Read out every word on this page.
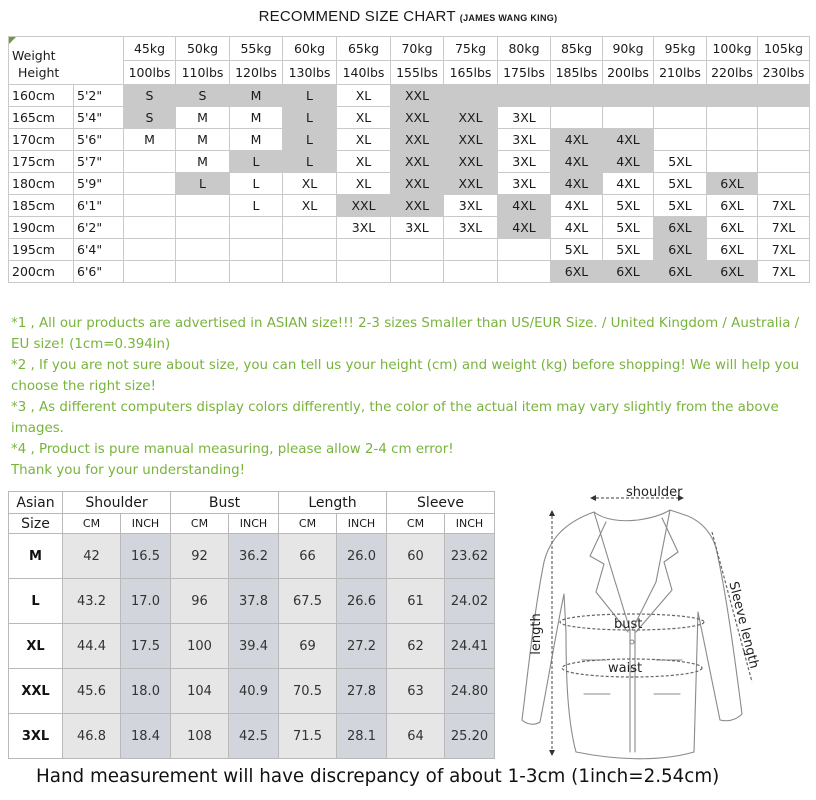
RECOMMEND SIZE CHART (JAMES WANG KING)
Weight
Height		45kg	50kg	55kg	60kg	65kg	70kg	75kg	80kg	85kg	90kg	95kg	100kg	105kg
		100lbs	110lbs	120lbs	130lbs	140lbs	155lbs	165lbs	175lbs	185lbs	200lbs	210lbs	220lbs	230lbs
160cm	5'2"	S	S	M	L	XL	XXL							
165cm	5'4"	S	M	M	L	XL	XXL	XXL	3XL					
170cm	5'6"	M	M	M	L	XL	XXL	XXL	3XL	4XL	4XL			
175cm	5'7"		M	L	L	XL	XXL	XXL	3XL	4XL	4XL	5XL		
180cm	5'9"		L	L	XL	XL	XXL	XXL	3XL	4XL	4XL	5XL	6XL	
185cm	6'1"			L	XL	XXL	XXL	3XL	4XL	4XL	5XL	5XL	6XL	7XL
190cm	6'2"					3XL	3XL	3XL	4XL	4XL	5XL	6XL	6XL	7XL
195cm	6'4"									5XL	5XL	6XL	6XL	7XL
200cm	6'6"									6XL	6XL	6XL	6XL	7XL

*1 , All our products are advertised in ASIAN size!!! 2-3 sizes Smaller than US/EUR Size. / United Kingdom / Australia / EU size! (1cm=0.394in)

*2 , If you are not sure about size, you can tell us your height (cm) and weight (kg) before shopping! We will help you choose the right size!

*3 , As different computers display colors differently, the color of the actual item may vary slightly from the above images.

*4 , Product is pure manual measuring, please allow 2-4 cm error!

Thank you for your understanding!

Asian	Shoulder		Bust		Length		Sleeve	
Size	CM	INCH	CM	INCH	CM	INCH	CM	INCH
M	42	16.5	92	36.2	66	26.0	60	23.62
L	43.2	17.0	96	37.8	67.5	26.6	61	24.02
XL	44.4	17.5	100	39.4	69	27.2	62	24.41
XXL	45.6	18.0	104	40.9	70.5	27.8	63	24.80
3XL	46.8	18.4	108	42.5	71.5	28.1	64	25.20
shoulder
length	bust
waist	Sleeve length
Hand measurement will have discrepancy of about 1-3cm (1inch=2.54cm)
